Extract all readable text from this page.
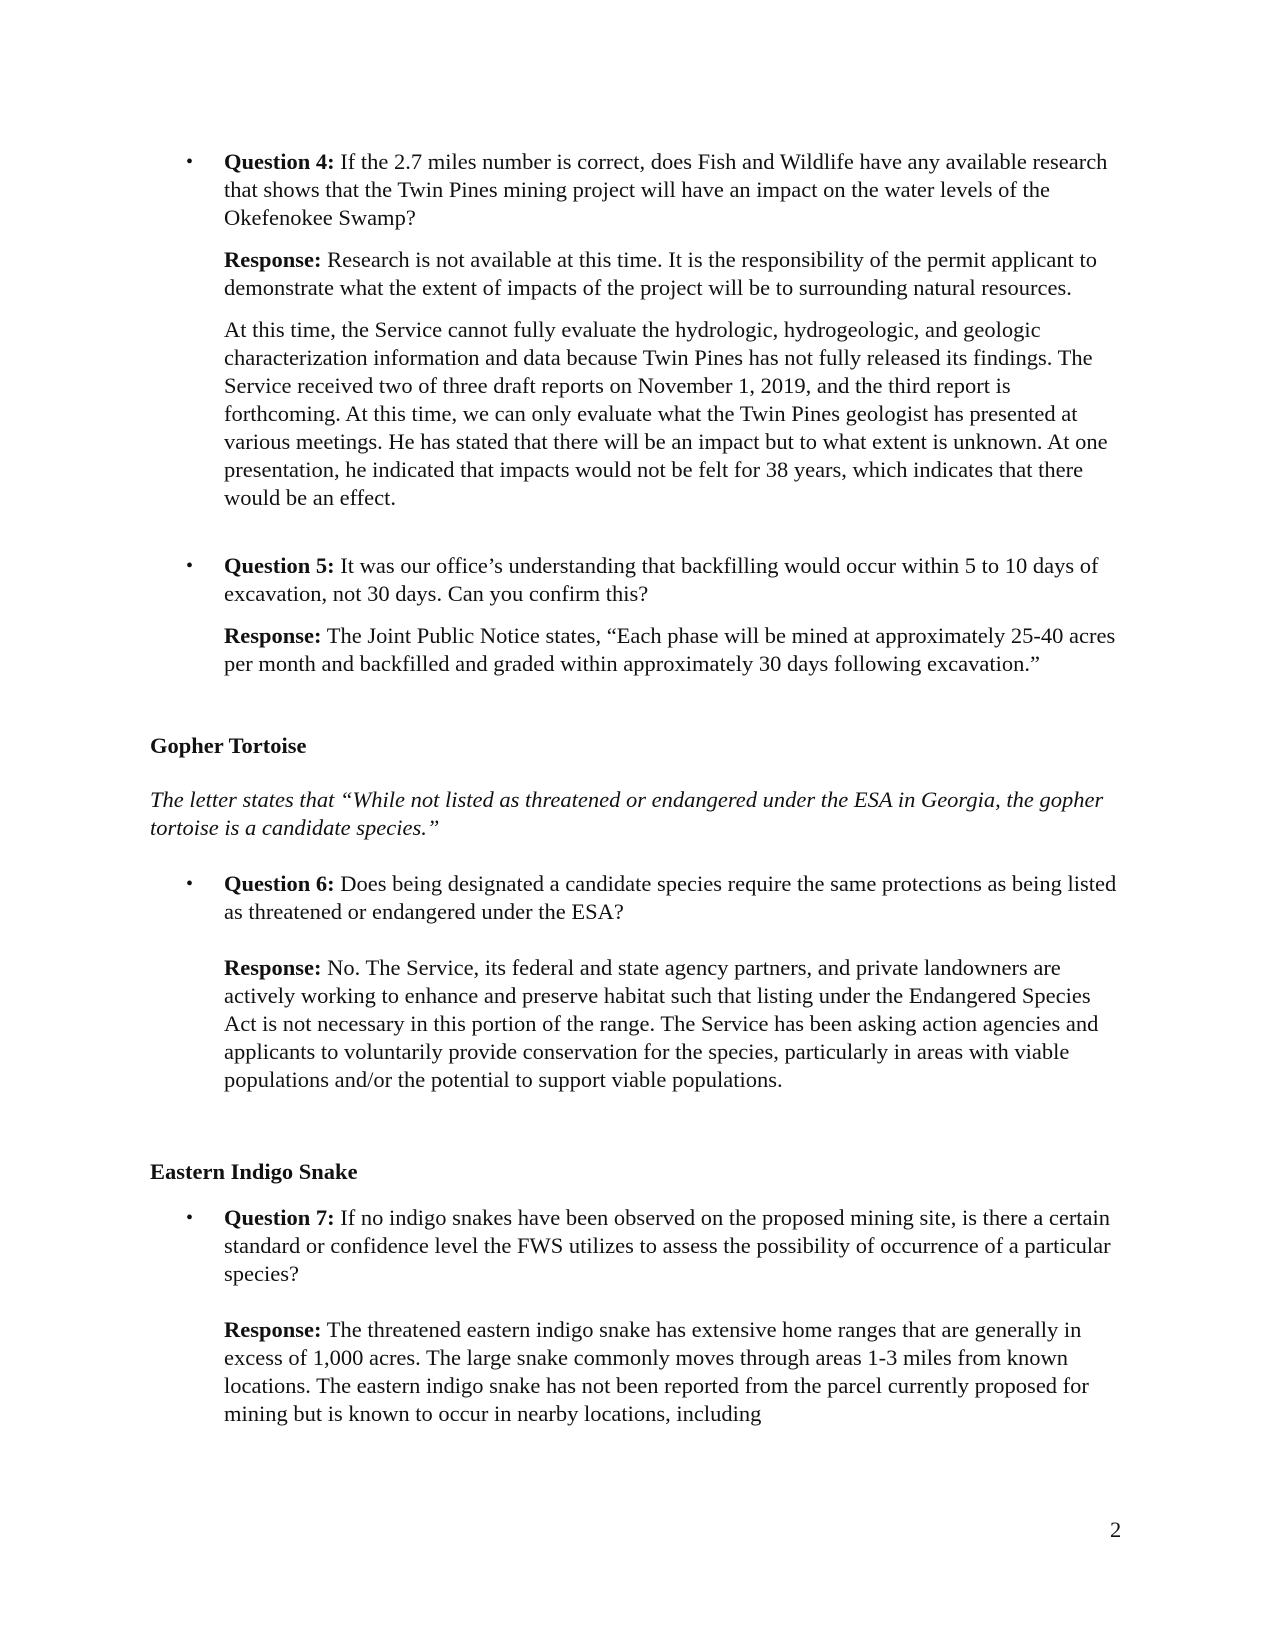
• Question 4: If the 2.7 miles number is correct, does Fish and Wildlife have any available research that shows that the Twin Pines mining project will have an impact on the water levels of the Okefenokee Swamp?

Response: Research is not available at this time. It is the responsibility of the permit applicant to demonstrate what the extent of impacts of the project will be to surrounding natural resources.

At this time, the Service cannot fully evaluate the hydrologic, hydrogeologic, and geologic characterization information and data because Twin Pines has not fully released its findings. The Service received two of three draft reports on November 1, 2019, and the third report is forthcoming. At this time, we can only evaluate what the Twin Pines geologist has presented at various meetings. He has stated that there will be an impact but to what extent is unknown. At one presentation, he indicated that impacts would not be felt for 38 years, which indicates that there would be an effect.

• Question 5: It was our office’s understanding that backfilling would occur within 5 to 10 days of excavation, not 30 days. Can you confirm this?

Response: The Joint Public Notice states, “Each phase will be mined at approximately 25-40 acres per month and backfilled and graded within approximately 30 days following excavation.”

Gopher Tortoise
The letter states that “While not listed as threatened or endangered under the ESA in Georgia, the gopher tortoise is a candidate species.”
• Question 6: Does being designated a candidate species require the same protections as being listed as threatened or endangered under the ESA?

Response: No. The Service, its federal and state agency partners, and private landowners are actively working to enhance and preserve habitat such that listing under the Endangered Species Act is not necessary in this portion of the range. The Service has been asking action agencies and applicants to voluntarily provide conservation for the species, particularly in areas with viable populations and/or the potential to support viable populations.

Eastern Indigo Snake
• Question 7: If no indigo snakes have been observed on the proposed mining site, is there a certain standard or confidence level the FWS utilizes to assess the possibility of occurrence of a particular species?

Response: The threatened eastern indigo snake has extensive home ranges that are generally in excess of 1,000 acres. The large snake commonly moves through areas 1-3 miles from known locations. The eastern indigo snake has not been reported from the parcel currently proposed for mining but is known to occur in nearby locations, including

2
